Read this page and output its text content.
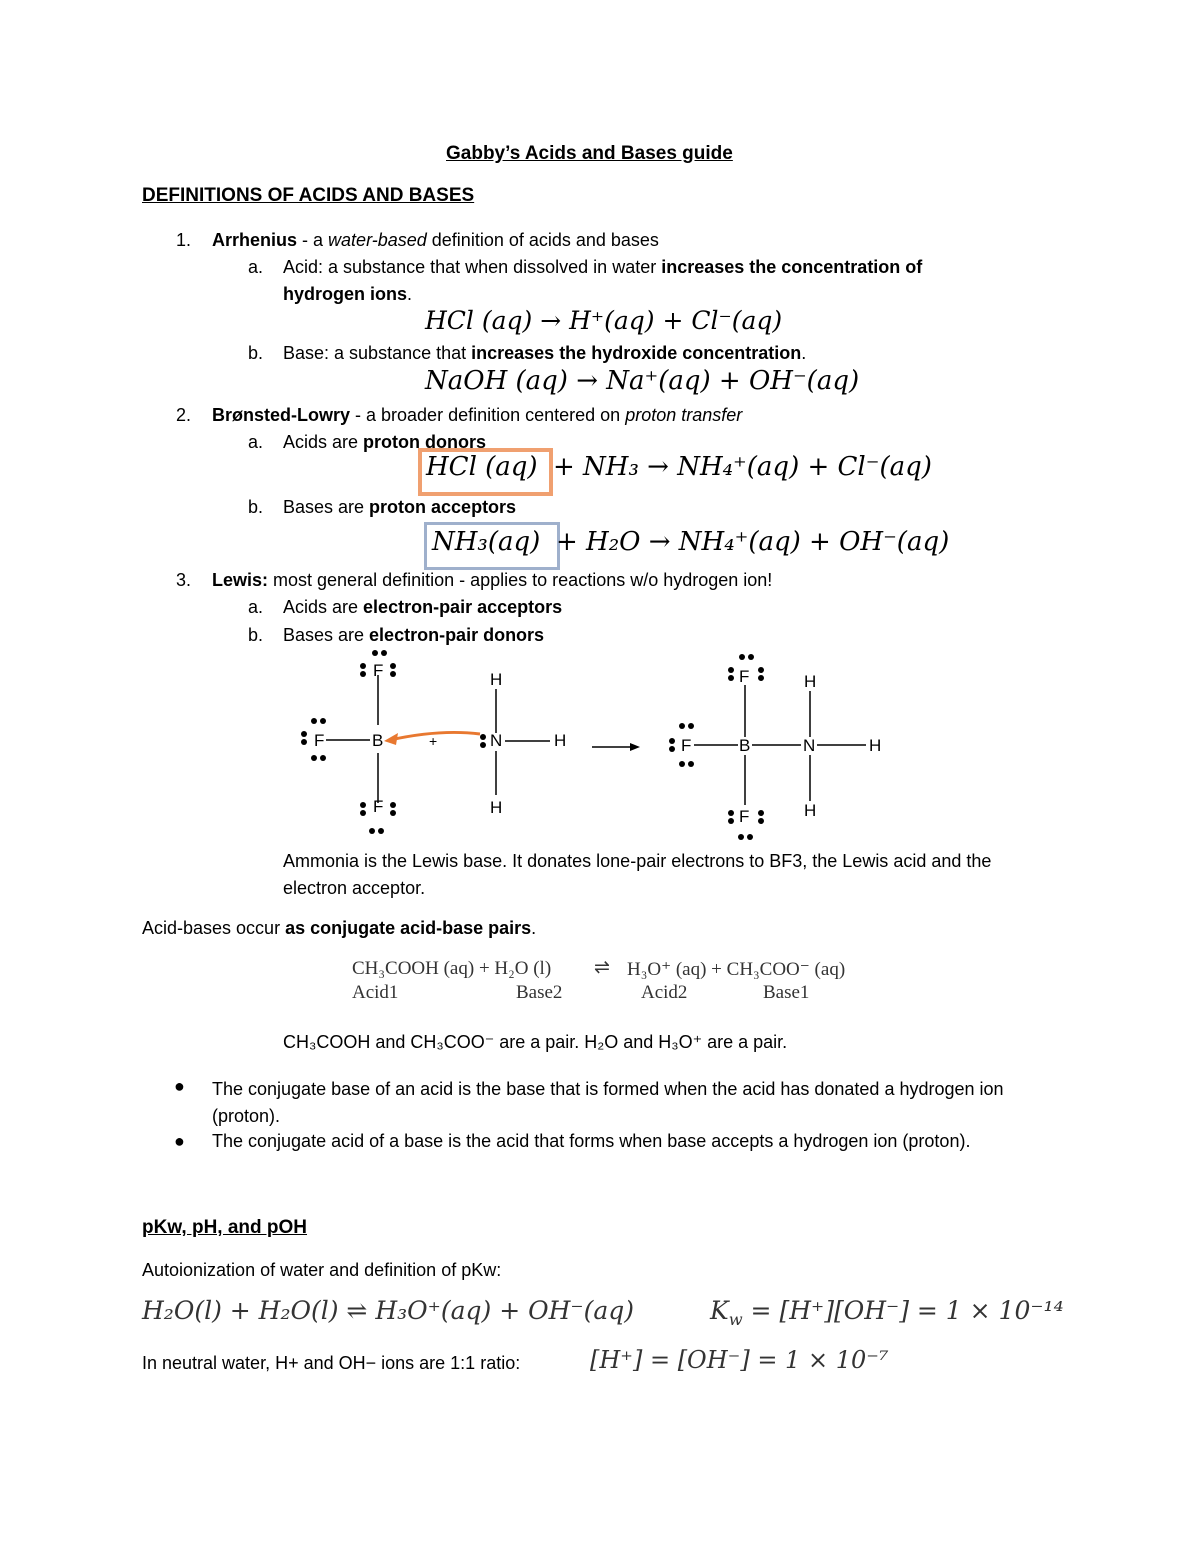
Gabby’s Acids and Bases guide
DEFINITIONS OF ACIDS AND BASES
1. Arrhenius - a water-based definition of acids and bases
a. Acid: a substance that when dissolved in water increases the concentration of
hydrogen ions.
HCl (aq) → H⁺(aq) + Cl⁻(aq)
b. Base: a substance that increases the hydroxide concentration.
NaOH (aq) → Na⁺(aq) + OH⁻(aq)
2. Brønsted-Lowry - a broader definition centered on proton transfer
a. Acids are proton donors
HCl (aq) + NH₃ → NH₄⁺(aq) + Cl⁻(aq)
b. Bases are proton acceptors
NH₃(aq) + H₂O → NH₄⁺(aq) + OH⁻(aq)
3. Lewis: most general definition - applies to reactions w/o hydrogen ion!
a. Acids are electron-pair acceptors
b. Bases are electron-pair donors
F
F
F	B	+
H
N	H
H
F
F	B	N	H
F
H
H
Ammonia is the Lewis base. It donates lone-pair electrons to BF3, the Lewis acid and the electron acceptor.
Acid-bases occur as conjugate acid-base pairs.
CH₃COOH (aq) + H₂O (l) ⇌ H₃O⁺ (aq) + CH₃COO⁻ (aq)
Acid1	Base2	Acid2	Base1
CH₃COOH and CH₃COO⁻ are a pair. H₂O and H₃O⁺ are a pair.
● The conjugate base of an acid is the base that is formed when the acid has donated a hydrogen ion (proton).
● The conjugate acid of a base is the acid that forms when base accepts a hydrogen ion (proton).
pKw, pH, and pOH
Autoionization of water and definition of pKw:
H₂O(l) + H₂O(l) ⇌ H₃O⁺(aq) + OH⁻(aq)	$K_w = [H^+][OH^-] = 1 \times 10^{-14}$
In neutral water, H+ and OH− ions are 1:1 ratio:	[H⁺] = [OH⁻] = 1 × 10⁻⁷
